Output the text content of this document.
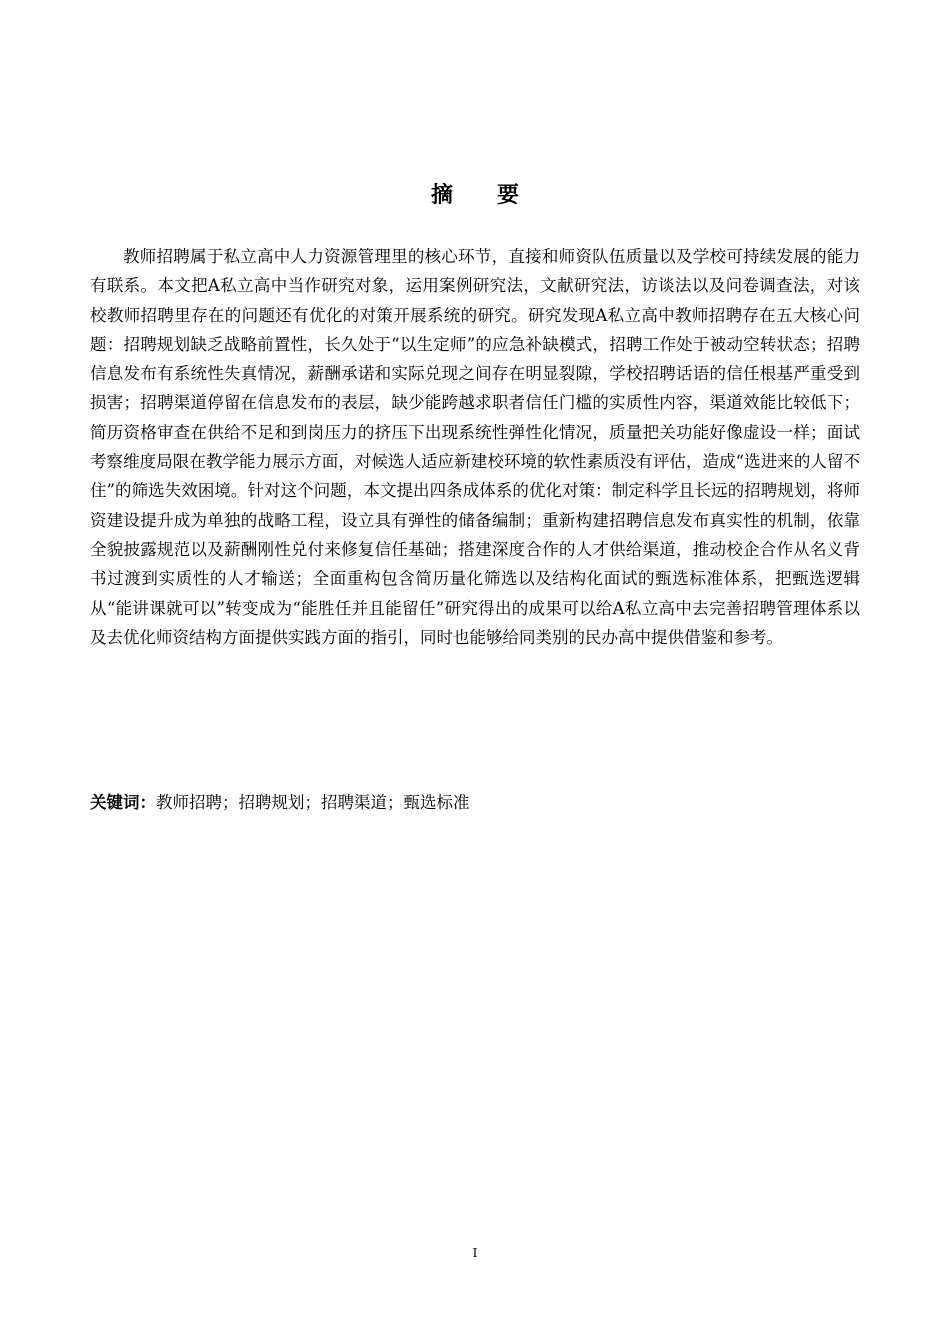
摘 要

教师招聘属于私立高中人力资源管理里的核心环节，直接和师资队伍质量以及学校可持续发展的能力有联系。本文把A私立高中当作研究对象，运用案例研究法，文献研究法，访谈法以及问卷调查法，对该校教师招聘里存在的问题还有优化的对策开展系统的研究。研究发现A私立高中教师招聘存在五大核心问题：招聘规划缺乏战略前置性，长久处于“以生定师”的应急补缺模式，招聘工作处于被动空转状态；招聘信息发布有系统性失真情况，薪酬承诺和实际兑现之间存在明显裂隙，学校招聘话语的信任根基严重受到损害；招聘渠道停留在信息发布的表层，缺少能跨越求职者信任门槛的实质性内容，渠道效能比较低下；简历资格审查在供给不足和到岗压力的挤压下出现系统性弹性化情况，质量把关功能好像虚设一样；面试考察维度局限在教学能力展示方面，对候选人适应新建校环境的软性素质没有评估，造成“选进来的人留不住”的筛选失效困境。针对这个问题，本文提出四条成体系的优化对策：制定科学且长远的招聘规划，将师资建设提升成为单独的战略工程，设立具有弹性的储备编制；重新构建招聘信息发布真实性的机制，依靠全貌披露规范以及薪酬刚性兑付来修复信任基础；搭建深度合作的人才供给渠道，推动校企合作从名义背书过渡到实质性的人才输送；全面重构包含简历量化筛选以及结构化面试的甄选标准体系，把甄选逻辑从“能讲课就可以”转变成为“能胜任并且能留任”研究得出的成果可以给A私立高中去完善招聘管理体系以及去优化师资结构方面提供实践方面的指引，同时也能够给同类别的民办高中提供借鉴和参考。

关键词：教师招聘；招聘规划；招聘渠道；甄选标准

I
